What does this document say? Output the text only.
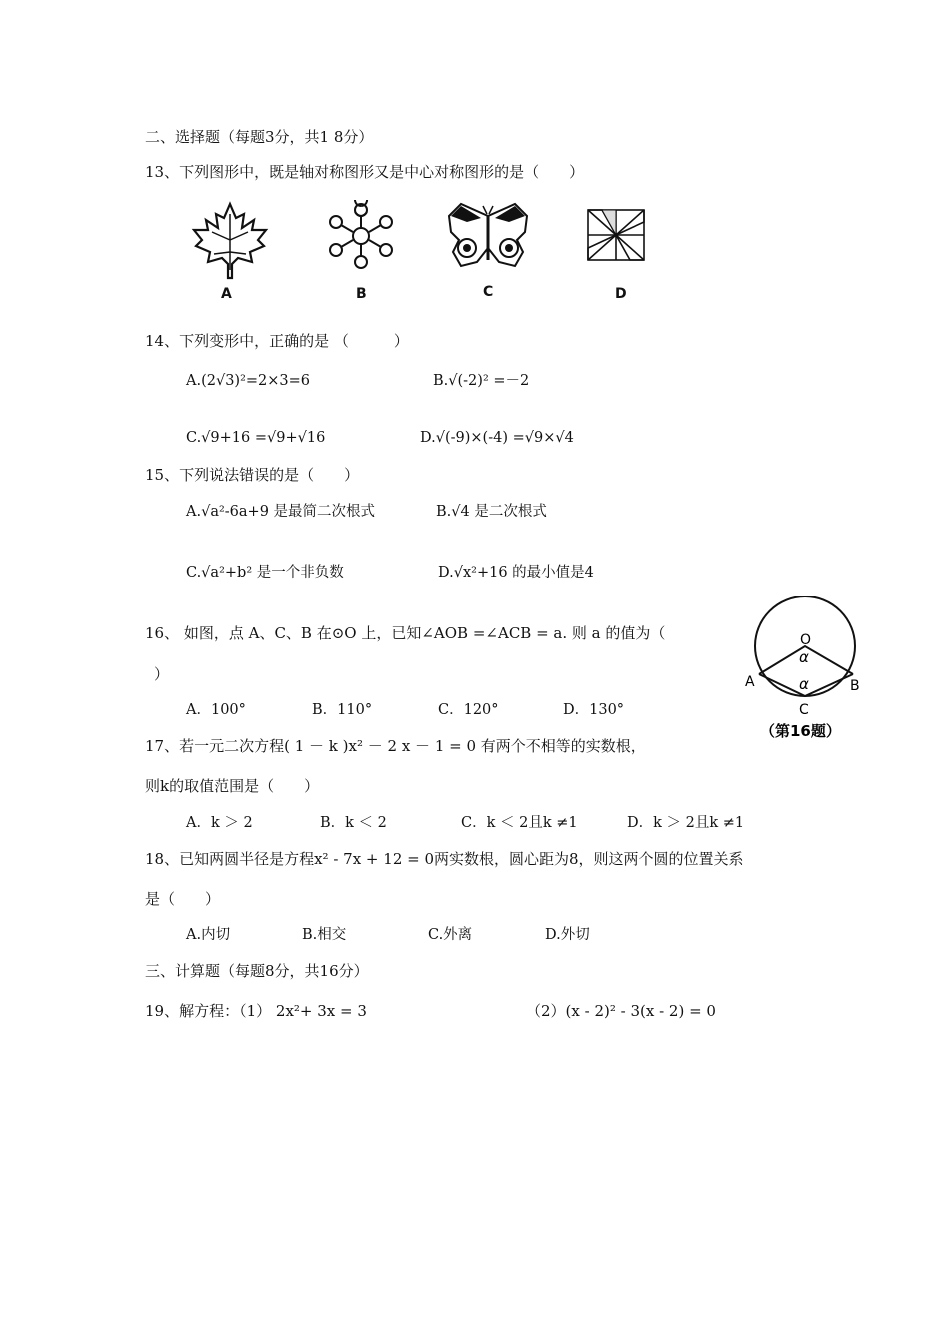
二、选择题（每题3分，共1 8分）
13、下列图形中，既是轴对称图形又是中心对称图形的是（　　）
A	B	C	D
14、下列变形中，正确的是 （　　　）
A.(2√3)²=2×3=6	B.√(-2)² =－2
C.√9+16 =√9+√16	D.√(-9)×(-4) =√9×√4
15、下列说法错误的是（　　）
A.√a²-6a+9 是最简二次根式	B.√4 是二次根式
C.√a²+b² 是一个非负数	D.√x²+16 的最小值是4
16、 如图，点 A、C、B 在⊙O 上，已知∠AOB =∠ACB = a. 则 a 的值为（
）
A．100°	B．110°	C．120°	D．130°
O
α
α
A	B
C
（第16题）
17、若一元二次方程( 1 － k )x² － 2 x － 1 = 0 有两个不相等的实数根，
则k的取值范围是（　　）
A．k ＞ 2	B．k ＜ 2	C．k ＜ 2且k ≠1	D．k ＞ 2且k ≠1
18、已知两圆半径是方程x² - 7x + 12 = 0两实数根，圆心距为8，则这两个圆的位置关系
是（　　）
A.内切	B.相交	C.外离	D.外切
三、计算题（每题8分，共16分）
19、解方程：（1） 2x²+ 3x = 3	（2）(x - 2)² - 3(x - 2) = 0
